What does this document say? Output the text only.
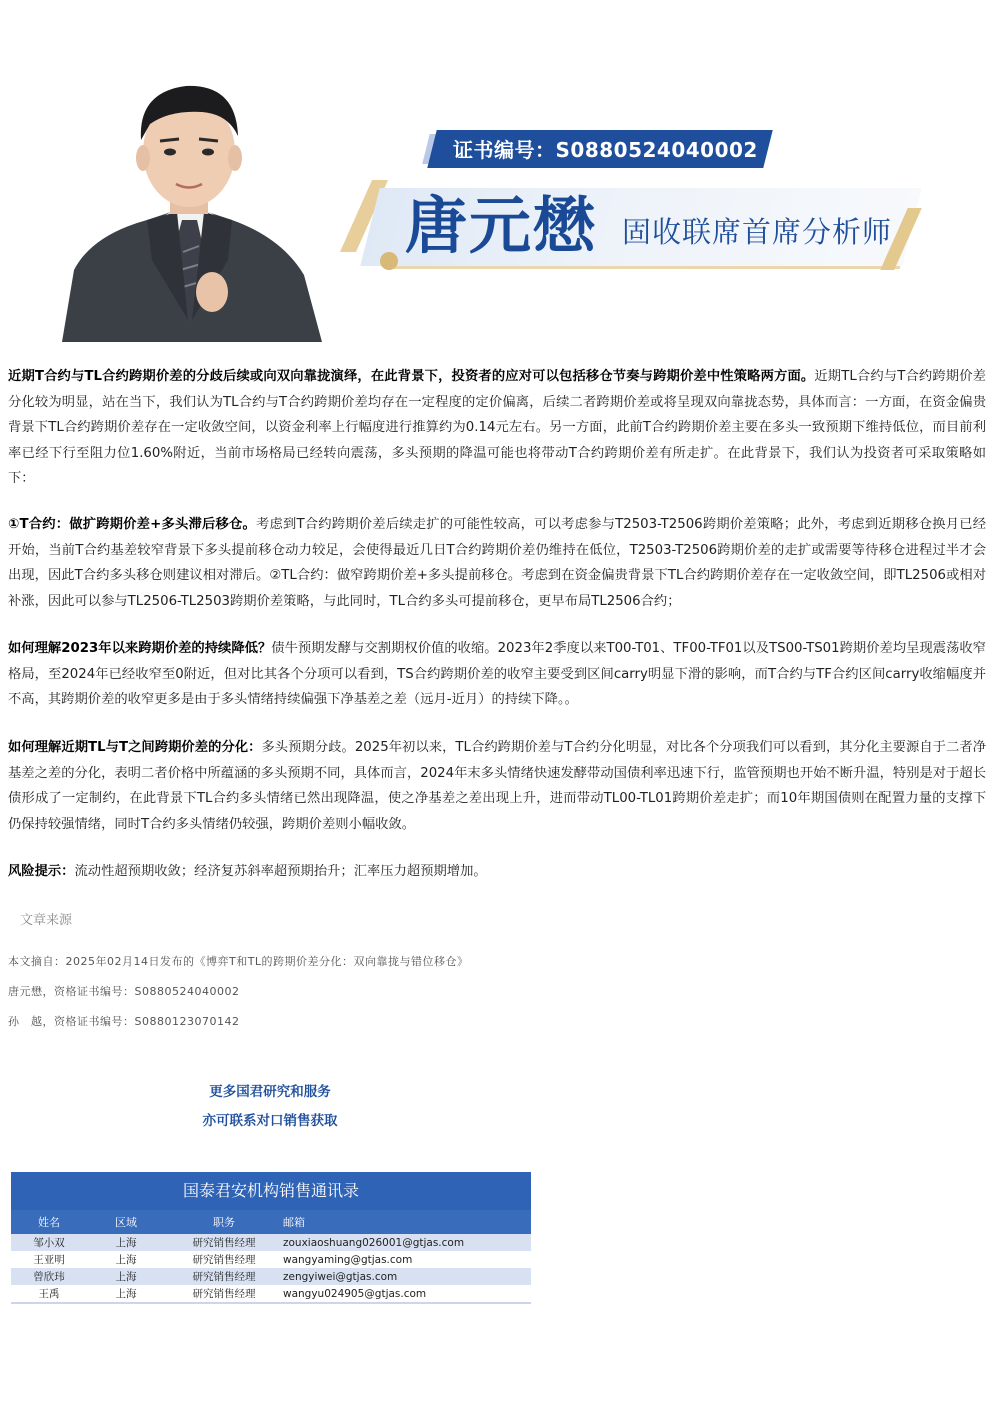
证书编号：S0880524040002
唐元懋 固收联席首席分析师
近期T合约与TL合约跨期价差的分歧后续或向双向靠拢演绎，在此背景下，投资者的应对可以包括移仓节奏与跨期价差中性策略两方面。近期TL合约与T合约跨期价差分化较为明显，站在当下，我们认为TL合约与T合约跨期价差均存在一定程度的定价偏离，后续二者跨期价差或将呈现双向靠拢态势，具体而言：一方面，在资金偏贵背景下TL合约跨期价差存在一定收敛空间，以资金利率上行幅度进行推算约为0.14元左右。另一方面，此前T合约跨期价差主要在多头一致预期下维持低位，而目前利率已经下行至阻力位1.60%附近，当前市场格局已经转向震荡，多头预期的降温可能也将带动T合约跨期价差有所走扩。在此背景下，我们认为投资者可采取策略如下：
①T合约：做扩跨期价差+多头滞后移仓。考虑到T合约跨期价差后续走扩的可能性较高，可以考虑参与T2503-T2506跨期价差策略；此外，考虑到近期移仓换月已经开始，当前T合约基差较窄背景下多头提前移仓动力较足，会使得最近几日T合约跨期价差仍维持在低位，T2503-T2506跨期价差的走扩或需要等待移仓进程过半才会出现，因此T合约多头移仓则建议相对滞后。②TL合约：做窄跨期价差+多头提前移仓。考虑到在资金偏贵背景下TL合约跨期价差存在一定收敛空间，即TL2506或相对补涨，因此可以参与TL2506-TL2503跨期价差策略，与此同时，TL合约多头可提前移仓，更早布局TL2506合约；
如何理解2023年以来跨期价差的持续降低？债牛预期发酵与交割期权价值的收缩。2023年2季度以来T00-T01、TF00-TF01以及TS00-TS01跨期价差均呈现震荡收窄格局，至2024年已经收窄至0附近，但对比其各个分项可以看到，TS合约跨期价差的收窄主要受到区间carry明显下滑的影响，而T合约与TF合约区间carry收缩幅度并不高，其跨期价差的收窄更多是由于多头情绪持续偏强下净基差之差（远月-近月）的持续下降。。
如何理解近期TL与T之间跨期价差的分化：多头预期分歧。2025年初以来，TL合约跨期价差与T合约分化明显，对比各个分项我们可以看到，其分化主要源自于二者净基差之差的分化，表明二者价格中所蕴涵的多头预期不同，具体而言，2024年末多头情绪快速发酵带动国债利率迅速下行，监管预期也开始不断升温，特别是对于超长债形成了一定制约，在此背景下TL合约多头情绪已然出现降温，使之净基差之差出现上升，进而带动TL00-TL01跨期价差走扩；而10年期国债则在配置力量的支撑下仍保持较强情绪，同时T合约多头情绪仍较强，跨期价差则小幅收敛。
风险提示：流动性超预期收敛；经济复苏斜率超预期抬升；汇率压力超预期增加。
文章来源
本文摘自：2025年02月14日发布的《博弈T和TL的跨期价差分化：双向靠拢与错位移仓》
唐元懋，资格证书编号：S0880524040002
孙　越，资格证书编号：S0880123070142
更多国君研究和服务
亦可联系对口销售获取
国泰君安机构销售通讯录
姓名	区域	职务	邮箱
邹小双	上海	研究销售经理	zouxiaoshuang026001@gtjas.com
王亚明	上海	研究销售经理	wangyaming@gtjas.com
曾欣玮	上海	研究销售经理	zengyiwei@gtjas.com
王禹	上海	研究销售经理	wangyu024905@gtjas.com
